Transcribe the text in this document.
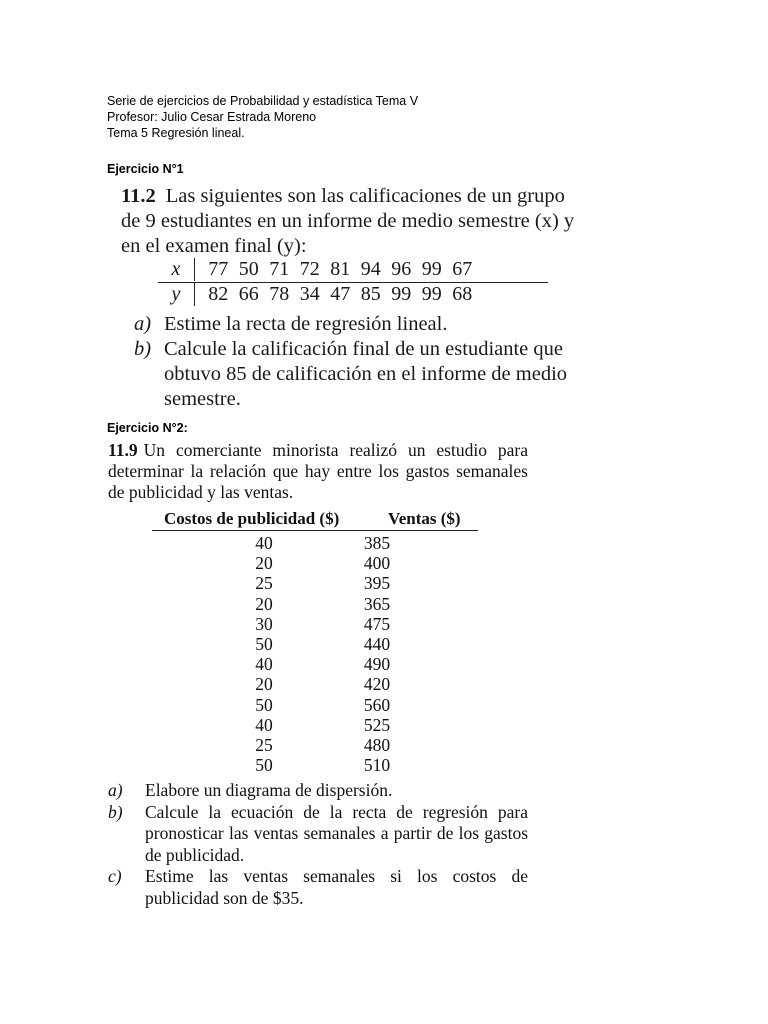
Serie de ejercicios de Probabilidad y estadística Tema V
Profesor: Julio Cesar Estrada Moreno
Tema 5 Regresión lineal.
Ejercicio N°1
11.2 Las siguientes son las calificaciones de un grupo de 9 estudiantes en un informe de medio semestre (x) y en el examen final (y):
x	77 50 71 72 81 94 96 99 67
y	82 66 78 34 47 85 99 99 68
a) Estime la recta de regresión lineal.
b) Calcule la calificación final de un estudiante que obtuvo 85 de calificación en el informe de medio semestre.
Ejercicio N°2:
11.9 Un comerciante minorista realizó un estudio para determinar la relación que hay entre los gastos semanales de publicidad y las ventas.
Costos de publicidad ($)	Ventas ($)
40	385
20	400
25	395
20	365
30	475
50	440
40	490
20	420
50	560
40	525
25	480
50	510
a)	Elabore un diagrama de dispersión.
b)	Calcule la ecuación de la recta de regresión para pronosticar las ventas semanales a partir de los gastos de publicidad.
c)	Estime las ventas semanales si los costos de publicidad son de $35.
